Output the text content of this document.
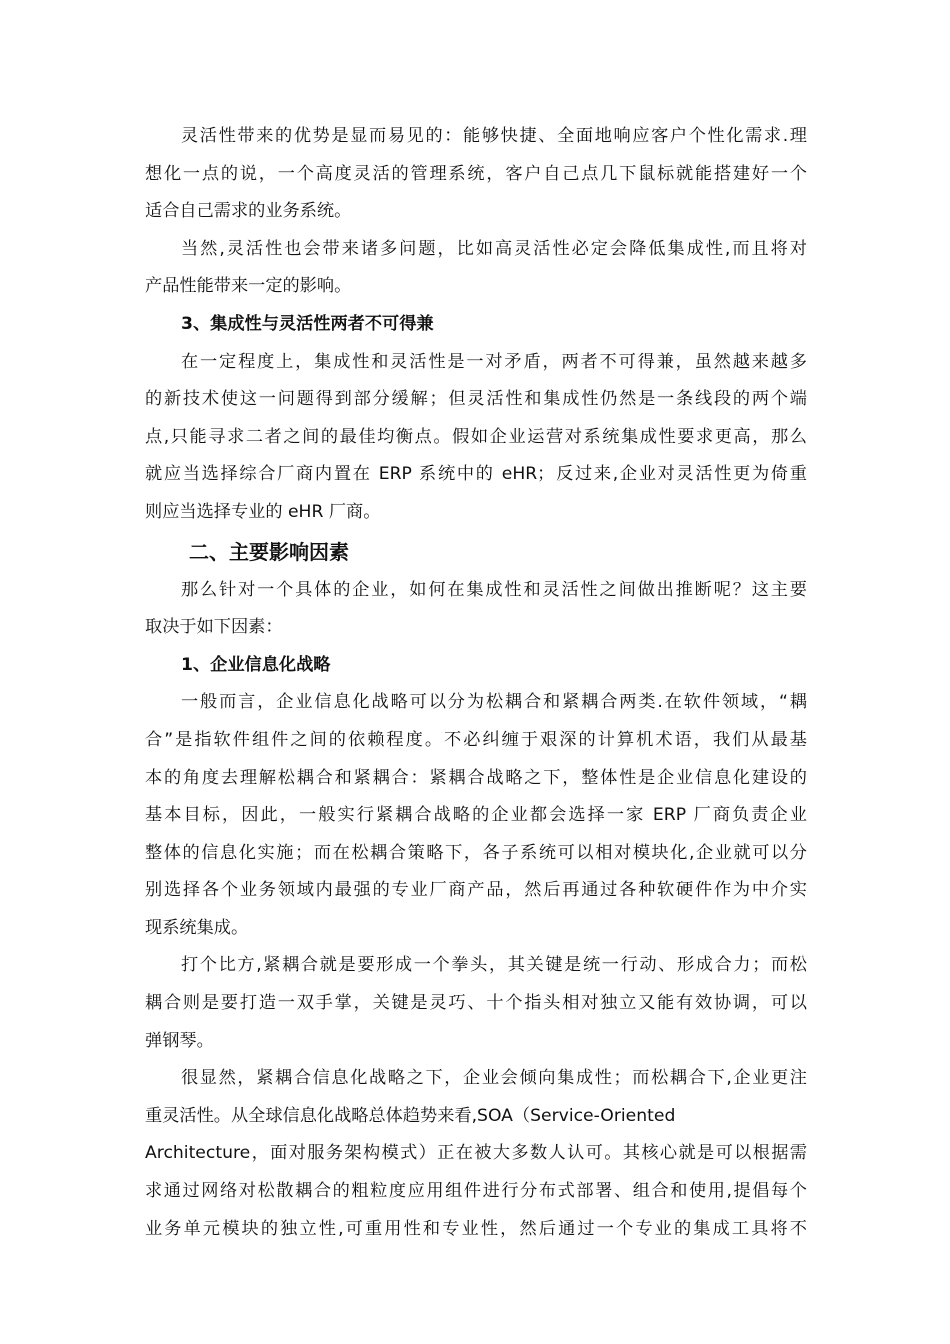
灵活性带来的优势是显而易见的：能够快捷、全面地响应客户个性化需求.理
想化一点的说，一个高度灵活的管理系统，客户自己点几下鼠标就能搭建好一个
适合自己需求的业务系统。
当然,灵活性也会带来诸多问题，比如高灵活性必定会降低集成性,而且将对
产品性能带来一定的影响。
3、集成性与灵活性两者不可得兼
在一定程度上，集成性和灵活性是一对矛盾，两者不可得兼，虽然越来越多
的新技术使这一问题得到部分缓解；但灵活性和集成性仍然是一条线段的两个端
点,只能寻求二者之间的最佳均衡点。假如企业运营对系统集成性要求更高，那么
就应当选择综合厂商内置在 ERP 系统中的 eHR；反过来,企业对灵活性更为倚重
则应当选择专业的 eHR 厂商。
二、主要影响因素
那么针对一个具体的企业，如何在集成性和灵活性之间做出推断呢？这主要
取决于如下因素：
1、企业信息化战略
一般而言，企业信息化战略可以分为松耦合和紧耦合两类.在软件领域，“耦
合”是指软件组件之间的依赖程度。不必纠缠于艰深的计算机术语，我们从最基
本的角度去理解松耦合和紧耦合：紧耦合战略之下，整体性是企业信息化建设的
基本目标，因此，一般实行紧耦合战略的企业都会选择一家 ERP 厂商负责企业
整体的信息化实施；而在松耦合策略下，各子系统可以相对模块化,企业就可以分
别选择各个业务领域内最强的专业厂商产品，然后再通过各种软硬件作为中介实
现系统集成。
打个比方,紧耦合就是要形成一个拳头，其关键是统一行动、形成合力；而松
耦合则是要打造一双手掌，关键是灵巧、十个指头相对独立又能有效协调，可以
弹钢琴。
很显然，紧耦合信息化战略之下，企业会倾向集成性；而松耦合下,企业更注
重灵活性。从全球信息化战略总体趋势来看,SOA（Service-Oriented
Architecture，面对服务架构模式）正在被大多数人认可。其核心就是可以根据需
求通过网络对松散耦合的粗粒度应用组件进行分布式部署、组合和使用,提倡每个
业务单元模块的独立性,可重用性和专业性，然后通过一个专业的集成工具将不
